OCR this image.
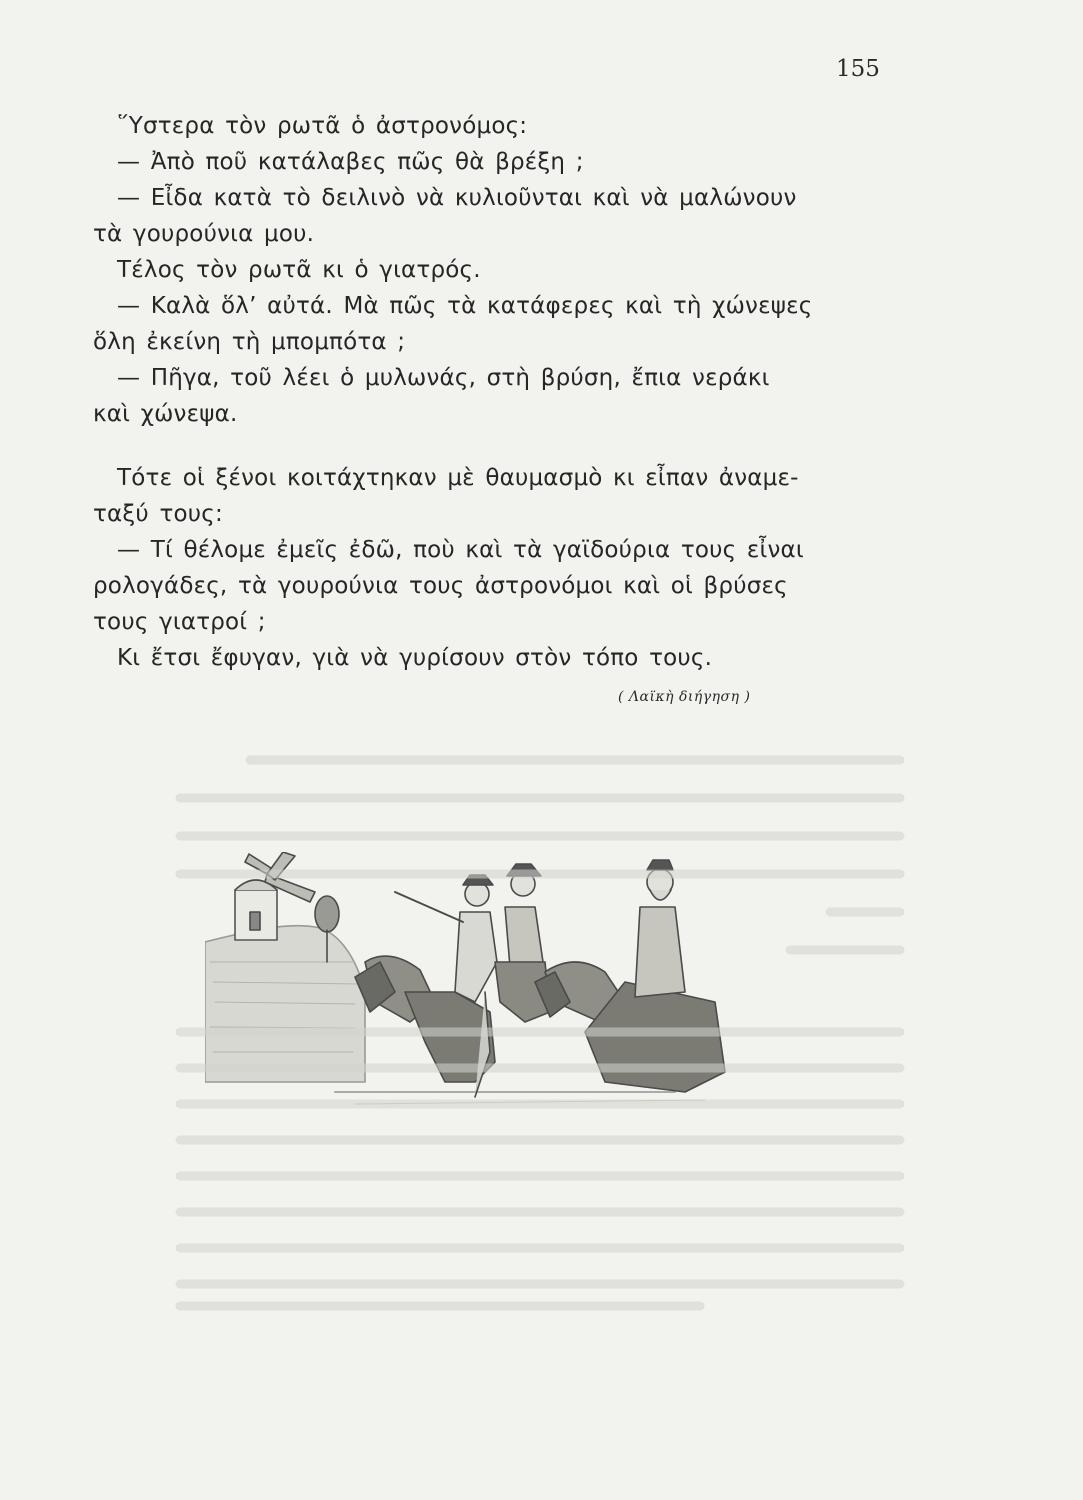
155
῞Υστερα τὸν ρωτᾶ ὁ ἀστρονόμος:
— Ἀπὸ ποῦ κατάλαβες πῶς θὰ βρέξη ;
— Εἶδα κατὰ τὸ δειλινὸ νὰ κυλιοῦνται καὶ νὰ μαλώνουν
τὰ γουρούνια μου.
Τέλος τὸν ρωτᾶ κι ὁ γιατρός.
— Καλὰ ὅλ’ αὐτά. Μὰ πῶς τὰ κατάφερες καὶ τὴ χώνεψες
ὅλη ἐκείνη τὴ μπομπότα ;
— Πῆγα, τοῦ λέει ὁ μυλωνάς, στὴ βρύση, ἔπια νεράκι
καὶ χώνεψα.
Τότε οἱ ξένοι κοιτάχτηκαν μὲ θαυμασμὸ κι εἶπαν ἀναμε-
ταξύ τους:
— Τί θέλομε ἐμεῖς ἐδῶ, ποὺ καὶ τὰ γαϊδούρια τους εἶναι
ρολογάδες, τὰ γουρούνια τους ἀστρονόμοι καὶ οἱ βρύσες
τους γιατροί ;
Κι ἔτσι ἔφυγαν, γιὰ νὰ γυρίσουν στὸν τόπο τους.
( Λαϊκὴ διήγηση )
